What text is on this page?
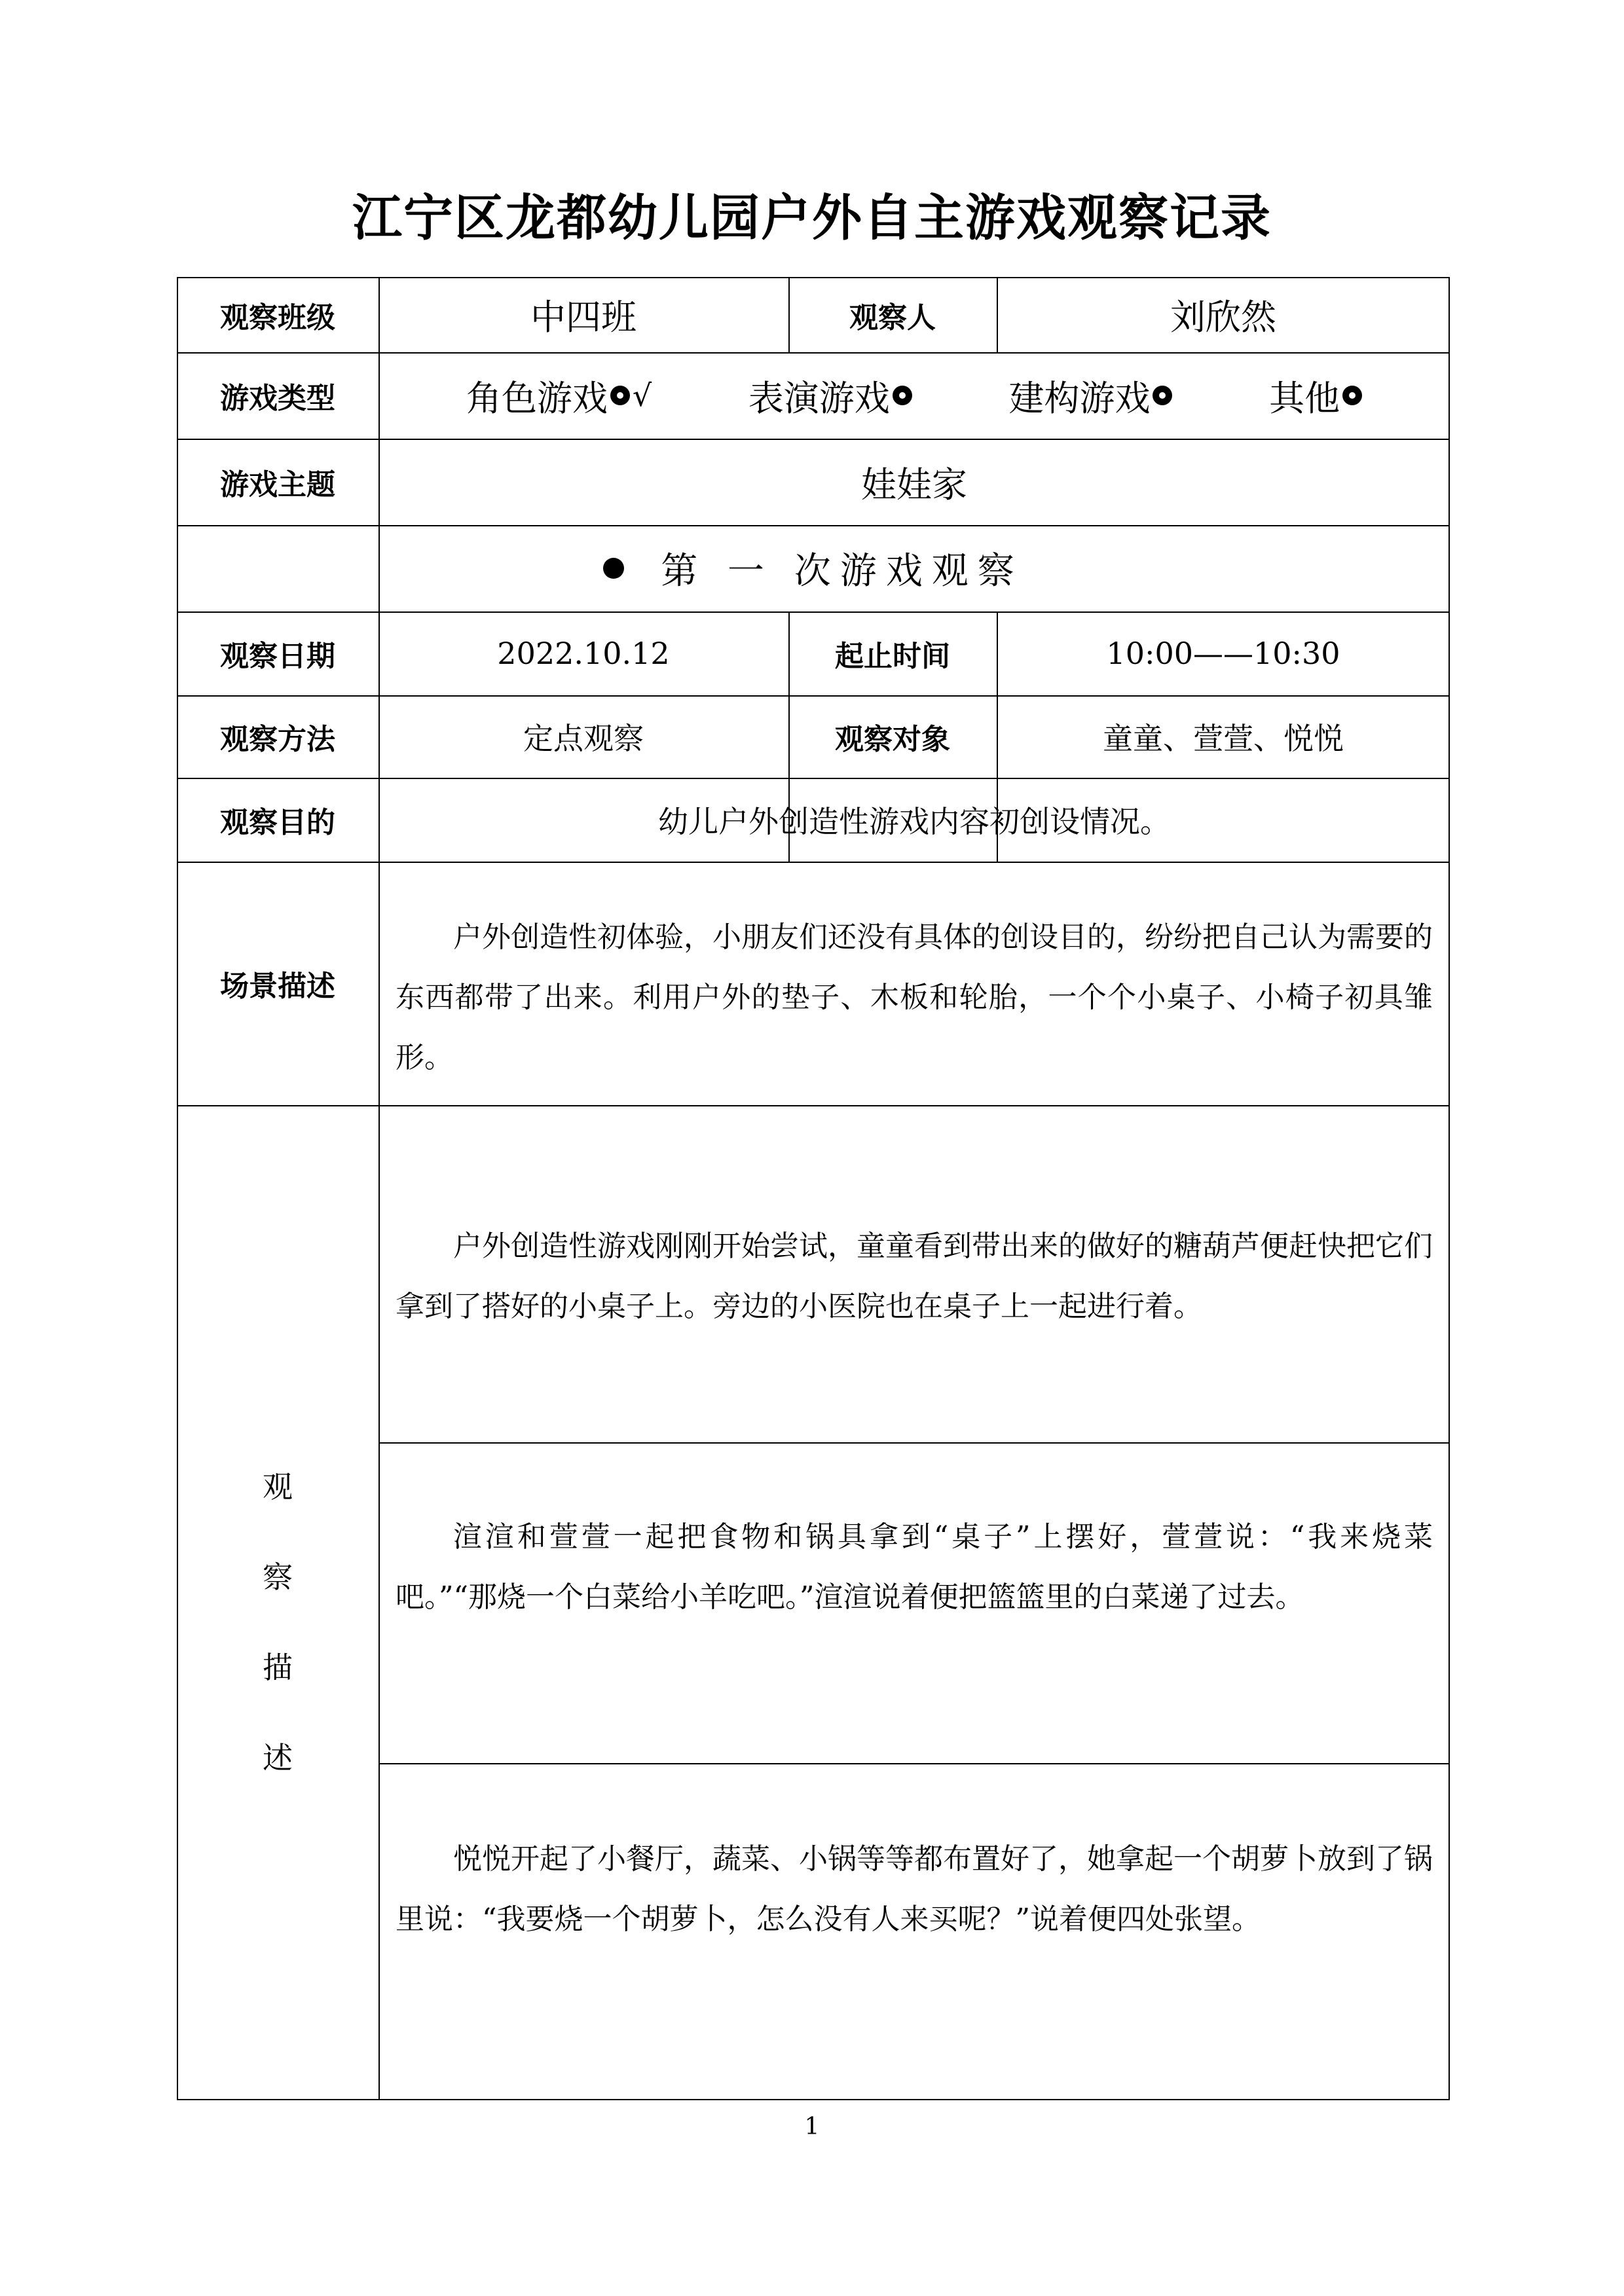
江宁区龙都幼儿园户外自主游戏观察记录
观察班级	中四班	观察人	刘欣然
游戏类型	角色游戏 √	表演游戏	建构游戏	其他
游戏主题	娃娃家
第 一 次游戏观察
观察日期	2022.10.12	起止时间	10:00——10:30
观察方法	定点观察	观察对象	童童、萱萱、悦悦
观察目的	幼儿户外创造性游戏内容初创设情况。
场景描述
户外创造性初体验，小朋友们还没有具体的创设目的，纷纷把自己认为需要的东西都带了出来。利用户外的垫子、木板和轮胎，一个个小桌子、小椅子初具雏形。
观
察
描
述
户外创造性游戏刚刚开始尝试，童童看到带出来的做好的糖葫芦便赶快把它们拿到了搭好的小桌子上。旁边的小医院也在桌子上一起进行着。
渲渲和萱萱一起把食物和锅具拿到“桌子”上摆好，萱萱说：“我来烧菜吧。”“那烧一个白菜给小羊吃吧。”渲渲说着便把篮篮里的白菜递了过去。
悦悦开起了小餐厅，蔬菜、小锅等等都布置好了，她拿起一个胡萝卜放到了锅里说：“我要烧一个胡萝卜，怎么没有人来买呢？”说着便四处张望。
1
